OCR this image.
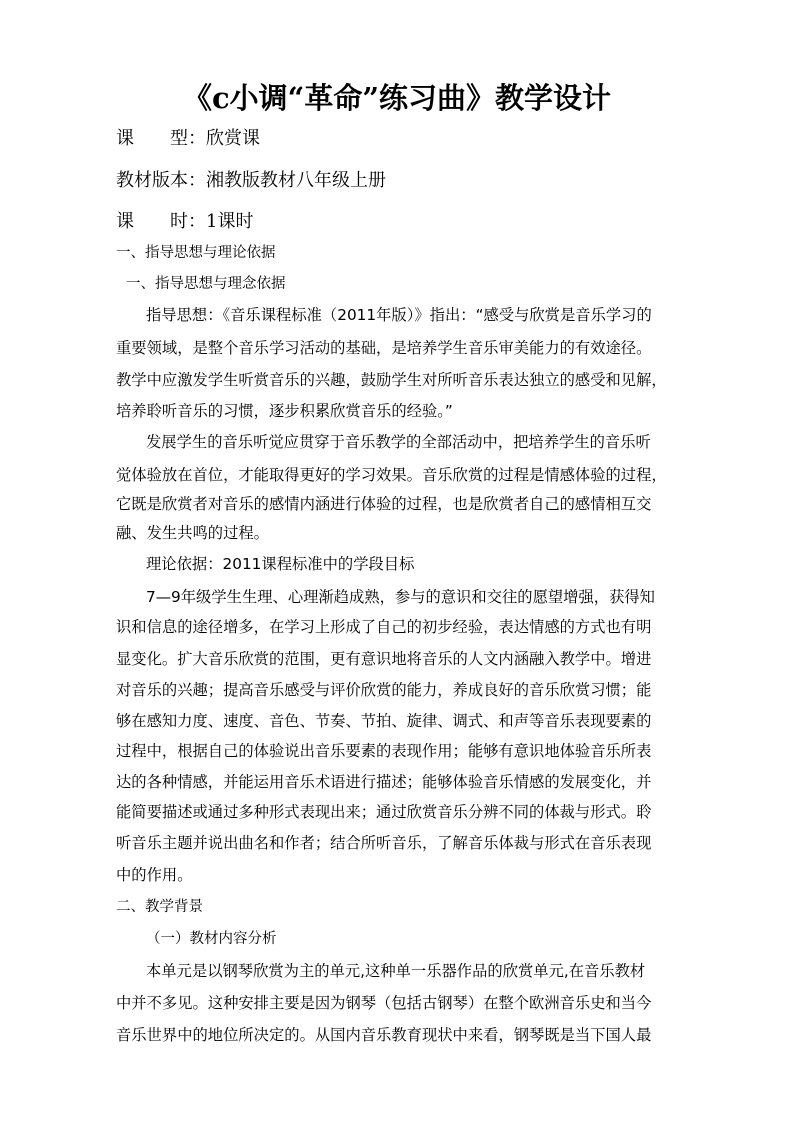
《c小调“革命”练习曲》教学设计
课 型：欣赏课
教材版本：湘教版教材八年级上册
课 时：1课时
一、指导思想与理论依据
一、指导思想与理念依据
指导思想：《音乐课程标准（2011年版）》指出：“感受与欣赏是音乐学习的
重要领域，是整个音乐学习活动的基础，是培养学生音乐审美能力的有效途径。
教学中应激发学生听赏音乐的兴趣，鼓励学生对所听音乐表达独立的感受和见解，
培养聆听音乐的习惯，逐步积累欣赏音乐的经验。”
发展学生的音乐听觉应贯穿于音乐教学的全部活动中，把培养学生的音乐听
觉体验放在首位，才能取得更好的学习效果。音乐欣赏的过程是情感体验的过程，
它既是欣赏者对音乐的感情内涵进行体验的过程，也是欣赏者自己的感情相互交
融、发生共鸣的过程。
理论依据：2011课程标准中的学段目标
7—9年级学生生理、心理渐趋成熟，参与的意识和交往的愿望增强，获得知
识和信息的途径增多，在学习上形成了自己的初步经验，表达情感的方式也有明
显变化。扩大音乐欣赏的范围，更有意识地将音乐的人文内涵融入教学中。增进
对音乐的兴趣；提高音乐感受与评价欣赏的能力，养成良好的音乐欣赏习惯；能
够在感知力度、速度、音色、节奏、节拍、旋律、调式、和声等音乐表现要素的
过程中，根据自己的体验说出音乐要素的表现作用；能够有意识地体验音乐所表
达的各种情感，并能运用音乐术语进行描述；能够体验音乐情感的发展变化，并
能简要描述或通过多种形式表现出来；通过欣赏音乐分辨不同的体裁与形式。聆
听音乐主题并说出曲名和作者；结合所听音乐，了解音乐体裁与形式在音乐表现
中的作用。
二、教学背景
（一）教材内容分析
本单元是以钢琴欣赏为主的单元,这种单一乐器作品的欣赏单元,在音乐教材
中并不多见。这种安排主要是因为钢琴（包括古钢琴）在整个欧洲音乐史和当今
音乐世界中的地位所决定的。从国内音乐教育现状中来看，钢琴既是当下国人最
